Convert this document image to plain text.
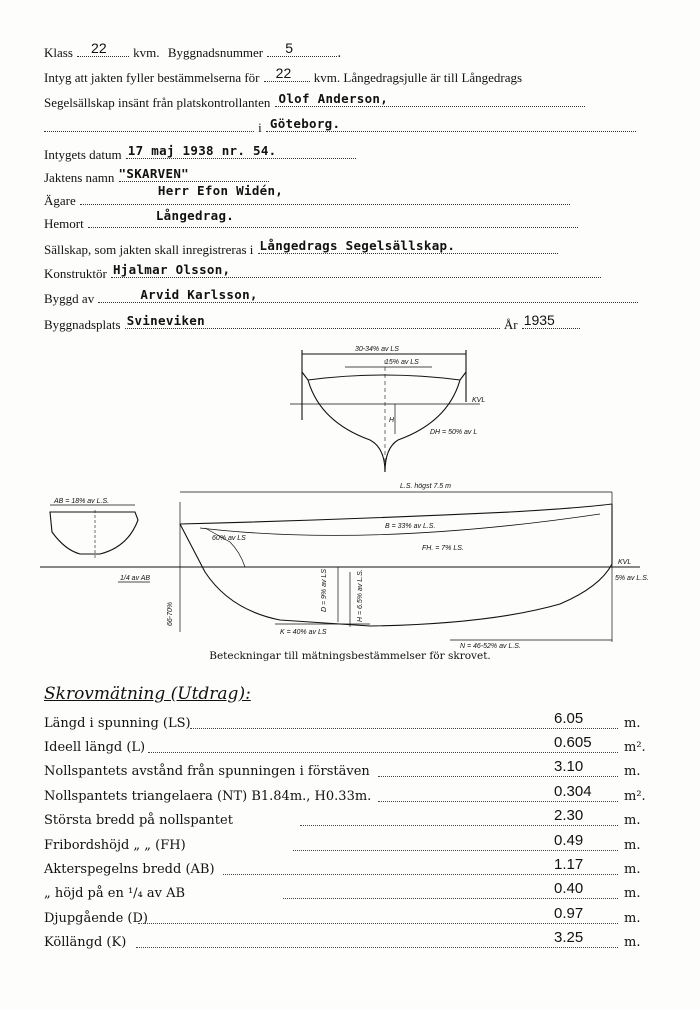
Klass 22 kvm. Byggnadsnummer 5	.
Intyg att jakten fyller bestämmelserna för 22 kvm. Långedragsjulle är till Långedrags
Segelsällskap insänt från platskontrollanten Olof Anderson,
i Göteborg.
Intygets datum 17 maj 1938 nr. 54.
Jaktens namn "SKARVEN"
Ägare
Herr Efon Widén,
Hemort
Långedrag.
Sällskap, som jakten skall inregistreras i Långedrags Segelsällskap.
Konstruktör Hjalmar Olsson,
Byggd av	Arvid Karlsson,
Byggnadsplats Svineviken	År 1935
30-34% av LS
15% av LS
KVL
H
DH = 50% av L
L.S. högst 7.5 m
B = 33% av L.S.
FH. = 7% LS.
AB = 18% av L.S.
60% av LS
KVL
1/4 av AB	5% av L.S.
D = 9% av LS
K = 40% av LS
N = 46-52% av L.S.
66-70%	H = 6.5% av L.S.
Beteckningar till mätningsbestämmelser för skrovet.
Skrovmätning (Utdrag):
Längd i spunning (LS)	6.05	m.
Ideell längd (L)	0.605 m².
Nollspantets avstånd från spunningen i förstäven	3.10	m.
Nollspantets triangelaera (NT) B1.84m., H0.33m.	0.304 m².
Största bredd på nollspantet	2.30	m.
Fribordshöjd „ „ (FH)	0.49	m.
Akterspegelns bredd (AB)	1.17	m.
„ höjd på en ¹/₄ av AB	0.40	m.
Djupgående (D)	0.97	m.
Köllängd (K)	3.25	m.
